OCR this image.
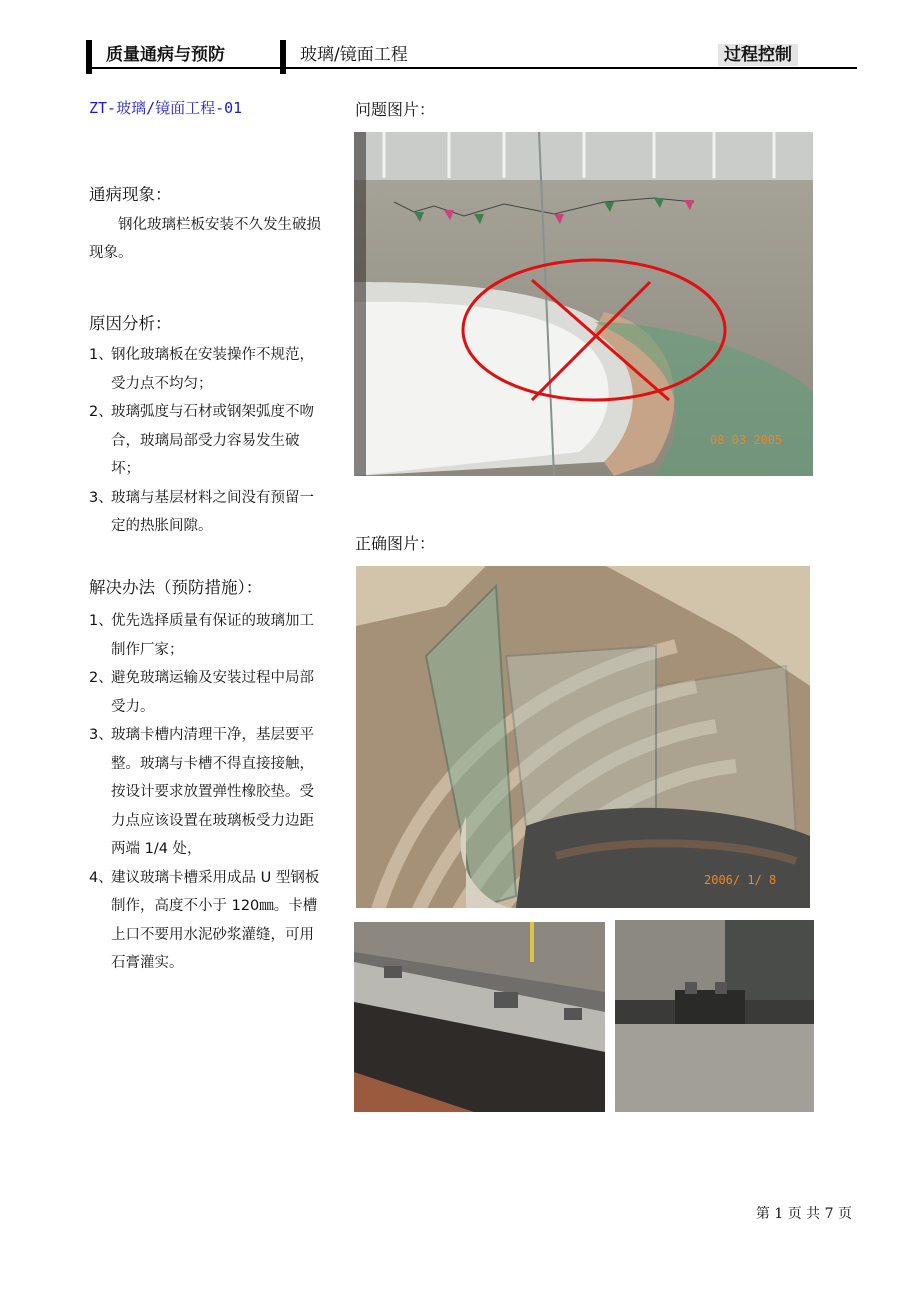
质量通病与预防	玻璃/镜面工程	过程控制
ZT-玻璃/镜面工程-01
通病现象：

钢化玻璃栏板安装不久发生破损现象。

原因分析：
1、
钢化玻璃板在安装操作不规范，受力点不均匀；
2、
玻璃弧度与石材或钢架弧度不吻合，玻璃局部受力容易发生破坏；
3、
玻璃与基层材料之间没有预留一定的热胀间隙。
解决办法（预防措施）：
1、
优先选择质量有保证的玻璃加工制作厂家；
2、
避免玻璃运输及安装过程中局部受力。
3、
玻璃卡槽内清理干净，基层要平整。玻璃与卡槽不得直接接触，按设计要求放置弹性橡胶垫。受力点应该设置在玻璃板受力边距两端 1/4 处，
4、
建议玻璃卡槽采用成品 U 型钢板制作，高度不小于 120㎜。卡槽上口不要用水泥砂浆灌缝，可用石膏灌实。
问题图片：
08 03 2005
正确图片：
2006/ 1/ 8
第 1 页 共 7 页
